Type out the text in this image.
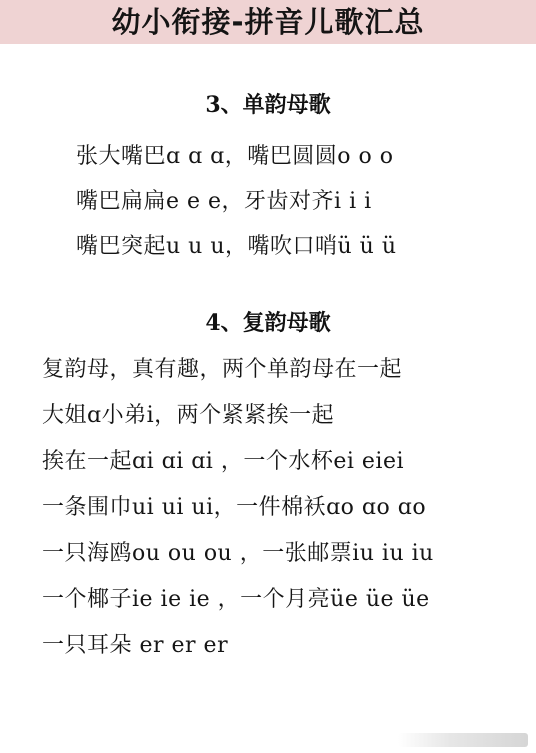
幼小衔接-拼音儿歌汇总
3、单韵母歌
张大嘴巴ɑ ɑ ɑ，嘴巴圆圆o o o
嘴巴扁扁e e e，牙齿对齐i i i
嘴巴突起u u u，嘴吹口哨ü ü ü
4、复韵母歌
复韵母，真有趣，两个单韵母在一起
大姐ɑ小弟i，两个紧紧挨一起
挨在一起ɑi ɑi ɑi ，一个水杯ei eiei
一条围巾ui ui ui，一件棉袄ɑo ɑo ɑo
一只海鸥ou ou ou ，一张邮票iu iu iu
一个椰子ie ie ie ，一个月亮üe üe üe
一只耳朵 er er er
